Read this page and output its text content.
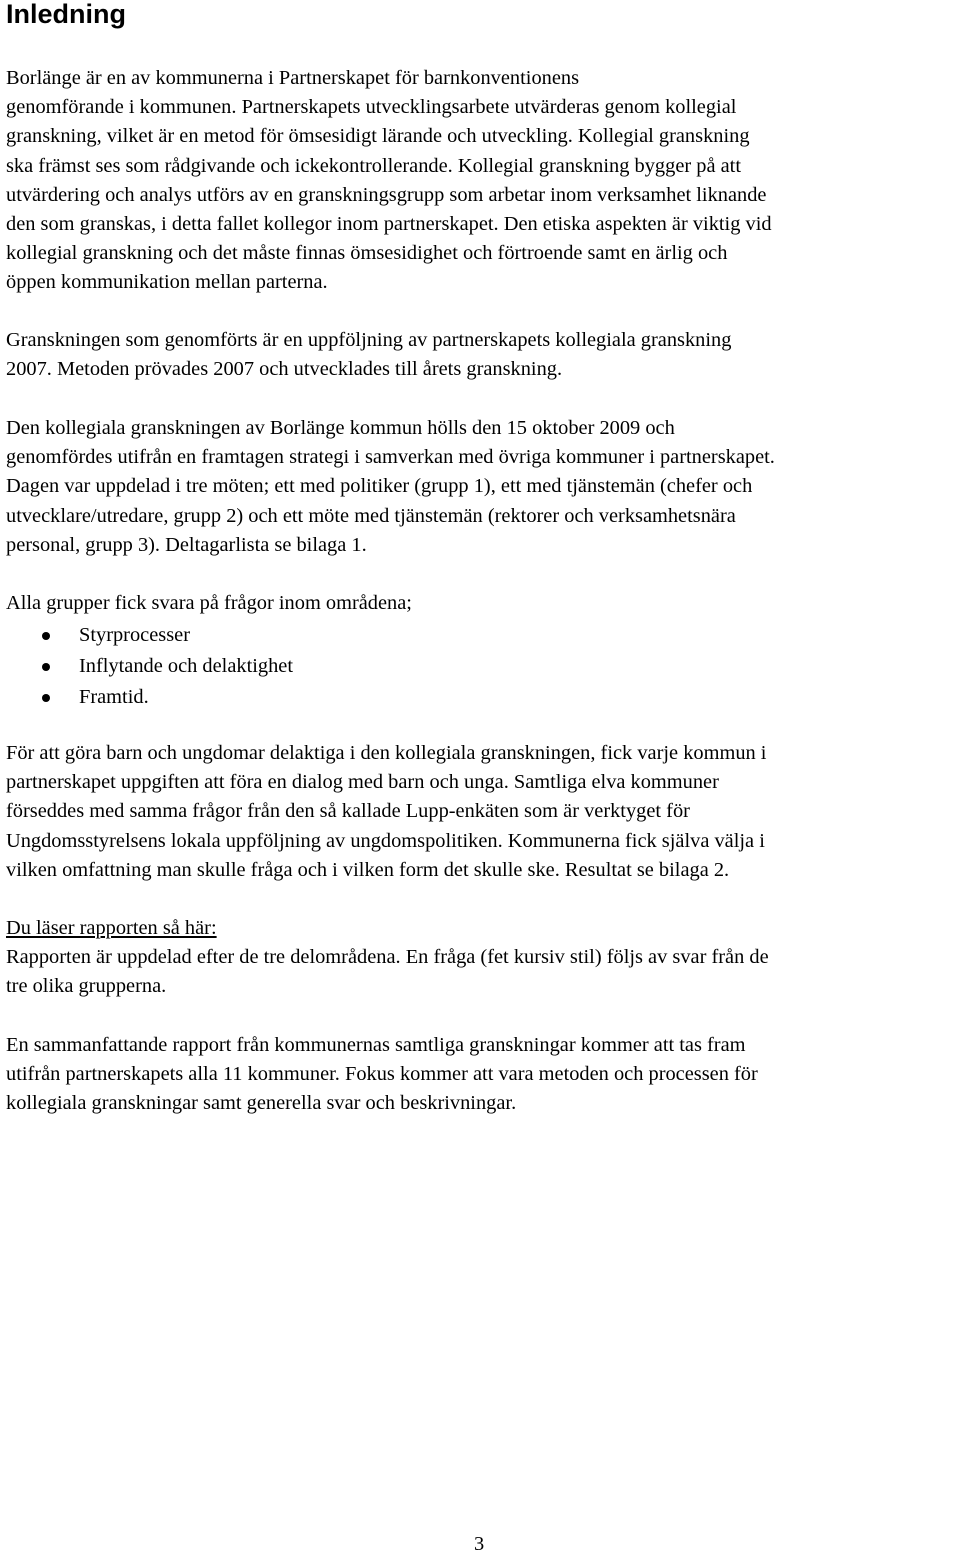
Inledning

Borlänge är en av kommunerna i Partnerskapet för barnkonventionens
genomförande i kommunen. Partnerskapets utvecklingsarbete utvärderas genom kollegial
granskning, vilket är en metod för ömsesidigt lärande och utveckling. Kollegial granskning
ska främst ses som rådgivande och ickekontrollerande. Kollegial granskning bygger på att
utvärdering och analys utförs av en granskningsgrupp som arbetar inom verksamhet liknande
den som granskas, i detta fallet kollegor inom partnerskapet. Den etiska aspekten är viktig vid
kollegial granskning och det måste finnas ömsesidighet och förtroende samt en ärlig och
öppen kommunikation mellan parterna.

Granskningen som genomförts är en uppföljning av partnerskapets kollegiala granskning
2007. Metoden prövades 2007 och utvecklades till årets granskning.

Den kollegiala granskningen av Borlänge kommun hölls den 15 oktober 2009 och
genomfördes utifrån en framtagen strategi i samverkan med övriga kommuner i partnerskapet.
Dagen var uppdelad i tre möten; ett med politiker (grupp 1), ett med tjänstemän (chefer och
utvecklare/utredare, grupp 2) och ett möte med tjänstemän (rektorer och verksamhetsnära
personal, grupp 3). Deltagarlista se bilaga 1.

Alla grupper fick svara på frågor inom områdena;

Styrprocesser
Inflytande och delaktighet
Framtid.

För att göra barn och ungdomar delaktiga i den kollegiala granskningen, fick varje kommun i
partnerskapet uppgiften att föra en dialog med barn och unga. Samtliga elva kommuner
förseddes med samma frågor från den så kallade Lupp-enkäten som är verktyget för
Ungdomsstyrelsens lokala uppföljning av ungdomspolitiken. Kommunerna fick själva välja i
vilken omfattning man skulle fråga och i vilken form det skulle ske. Resultat se bilaga 2.

Du läser rapporten så här:
Rapporten är uppdelad efter de tre delområdena. En fråga (fet kursiv stil) följs av svar från de
tre olika grupperna.

En sammanfattande rapport från kommunernas samtliga granskningar kommer att tas fram
utifrån partnerskapets alla 11 kommuner. Fokus kommer att vara metoden och processen för
kollegiala granskningar samt generella svar och beskrivningar.

3
